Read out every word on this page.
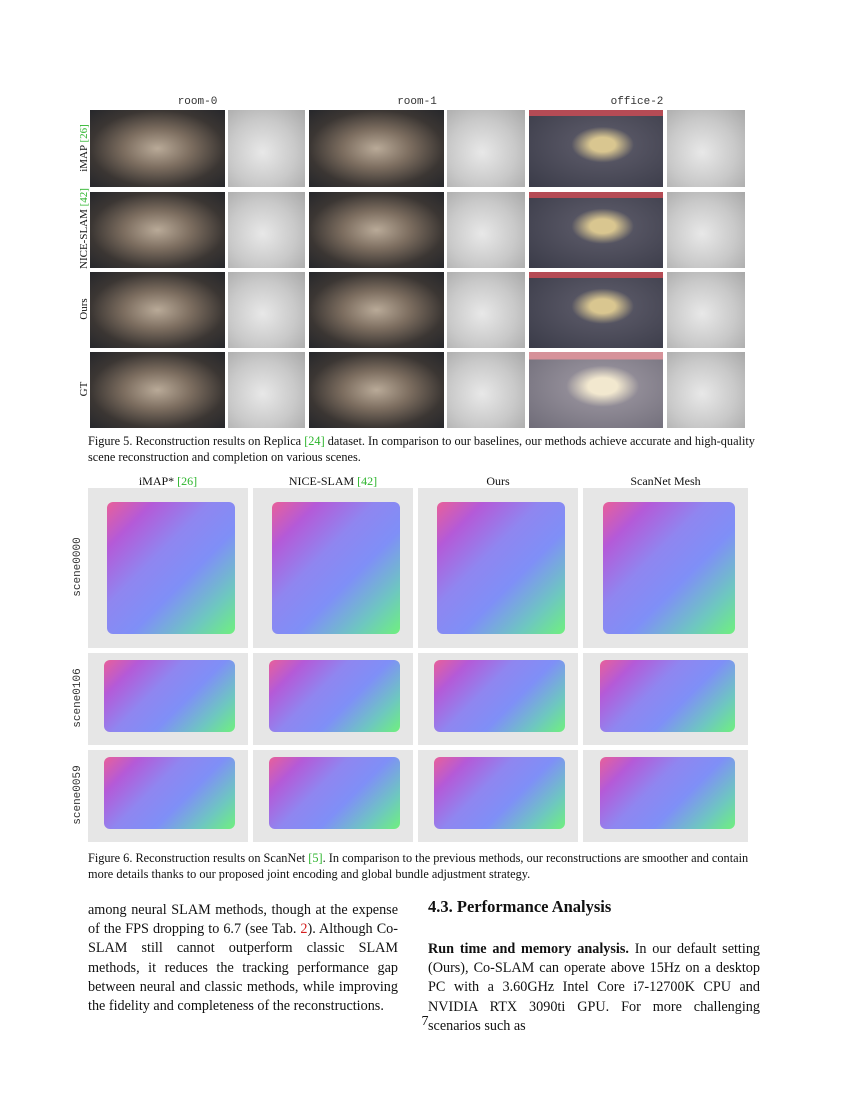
room-0	room-1	office-2
iMAP [26]
NICE-SLAM [42]
Ours
GT
Figure 5. Reconstruction results on Replica [24] dataset. In comparison to our baselines, our methods achieve accurate and high-quality scene reconstruction and completion on various scenes.
iMAP* [26]	NICE-SLAM [42]	Ours	ScanNet Mesh
scene0000
scene0106
scene0059
Figure 6. Reconstruction results on ScanNet [5]. In comparison to the previous methods, our reconstructions are smoother and contain more details thanks to our proposed joint encoding and global bundle adjustment strategy.
among neural SLAM methods, though at the expense of the FPS dropping to 6.7 (see Tab. 2). Although Co-SLAM still cannot outperform classic SLAM methods, it reduces the tracking performance gap between neural and classic methods, while improving the fidelity and completeness of the reconstructions.
4.3. Performance Analysis
Run time and memory analysis. In our default setting (Ours), Co-SLAM can operate above 15Hz on a desktop PC with a 3.60GHz Intel Core i7-12700K CPU and NVIDIA RTX 3090ti GPU. For more challenging scenarios such as
7
